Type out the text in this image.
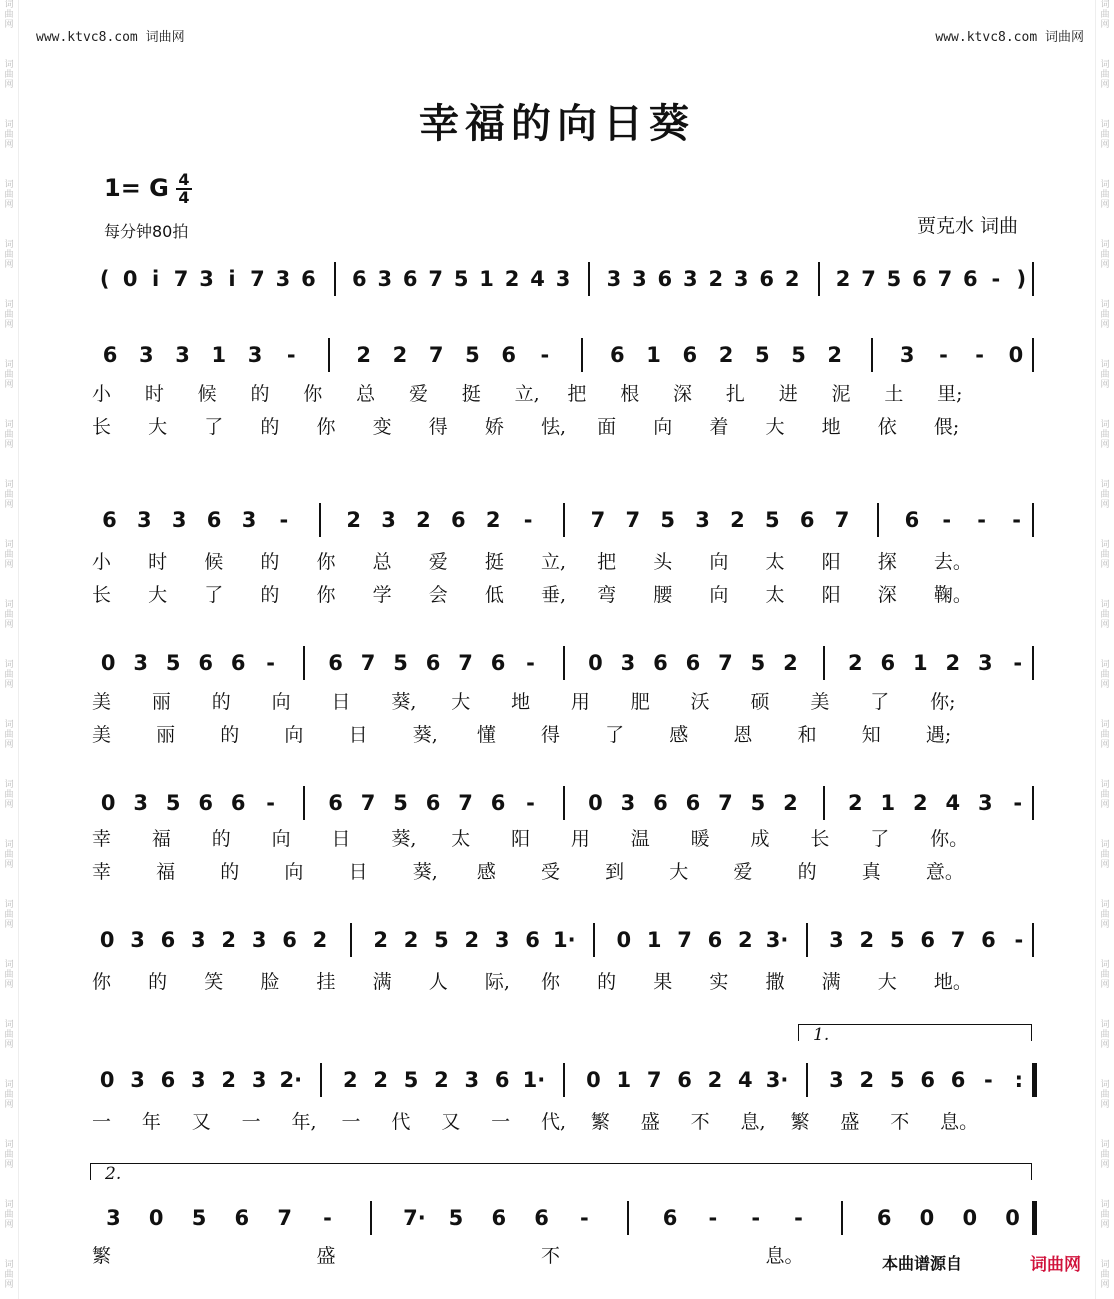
词曲网
词曲网
词曲网
词曲网
词曲网
词曲网
词曲网
词曲网
词曲网
词曲网
词曲网
词曲网
词曲网
词曲网
词曲网
词曲网
词曲网
词曲网
词曲网
词曲网
词曲网
词曲网
词曲网
词曲网
词曲网
词曲网
词曲网
词曲网
词曲网
词曲网
词曲网
词曲网
词曲网
词曲网
词曲网
词曲网
词曲网
词曲网
词曲网
词曲网
词曲网
词曲网
词曲网
词曲网
www.ktvc8.com 词曲网	www.ktvc8.com 词曲网
幸福的向日葵
1= G 4
4
每分钟80拍	贾克水 词曲
( 0 i 7 3 i 7 3 6 6 3 6 7 5 1 2 4 3 3 3 6 3 2 3 6 2 2 7 5 6 7 6 - )
6 3 3 1 3 -	2 2 7 5 6 -	6 1 6 2 5 5 2	3 - - 0
6 3 3 6 3 -	2 3 2 6 2 -	7 7 5 3 2 5 6 7	6 - - -
0 3 5 6 6 -	6 7 5 6 7 6 -	0 3 6 6 7 5 2 2 6 1 2 3 -
0 3 5 6 6 -	6 7 5 6 7 6 -	0 3 6 6 7 5 2 2 1 2 4 3 -
0 3 6 3 2 3 6 2 2 2 5 2 3 6 1· 0 1 7 6 2 3· 3 2 5 6 7 6 -
0 3 6 3 2 3 2· 2 2 5 2 3 6 1· 0 1 7 6 2 4 3· 3 2 5 6 6 - :
3 0 5 6 7 -	7· 5 6 6 -	6 - - -	6 0 0 0
小 时 候 的 你 总 爱 挺 立, 把 根 深 扎 进 泥 土 里;
长 大 了 的 你 变 得 娇 怯, 面 向 着 大 地 依 偎;
小 时 候 的 你 总 爱 挺 立, 把 头 向 太 阳 探 去。
长 大 了 的 你 学 会 低 垂, 弯 腰 向 太 阳 深 鞠。
美 丽 的 向 日 葵, 大 地 用 肥 沃 硕 美 了 你;
美 丽 的 向 日 葵, 懂 得 了 感 恩 和 知 遇;
幸 福 的 向 日 葵, 太 阳 用 温 暖 成 长 了 你。
幸 福 的 向 日 葵, 感 受 到 大 爱 的 真 意。
你 的 笑 脸 挂 满 人 际, 你 的 果 实 撒 满 大 地。
一 年 又 一 年, 一 代 又 一 代, 繁 盛 不 息, 繁 盛 不 息。
繁	盛	不	息。
1.
2.
本曲谱源自	词曲网
